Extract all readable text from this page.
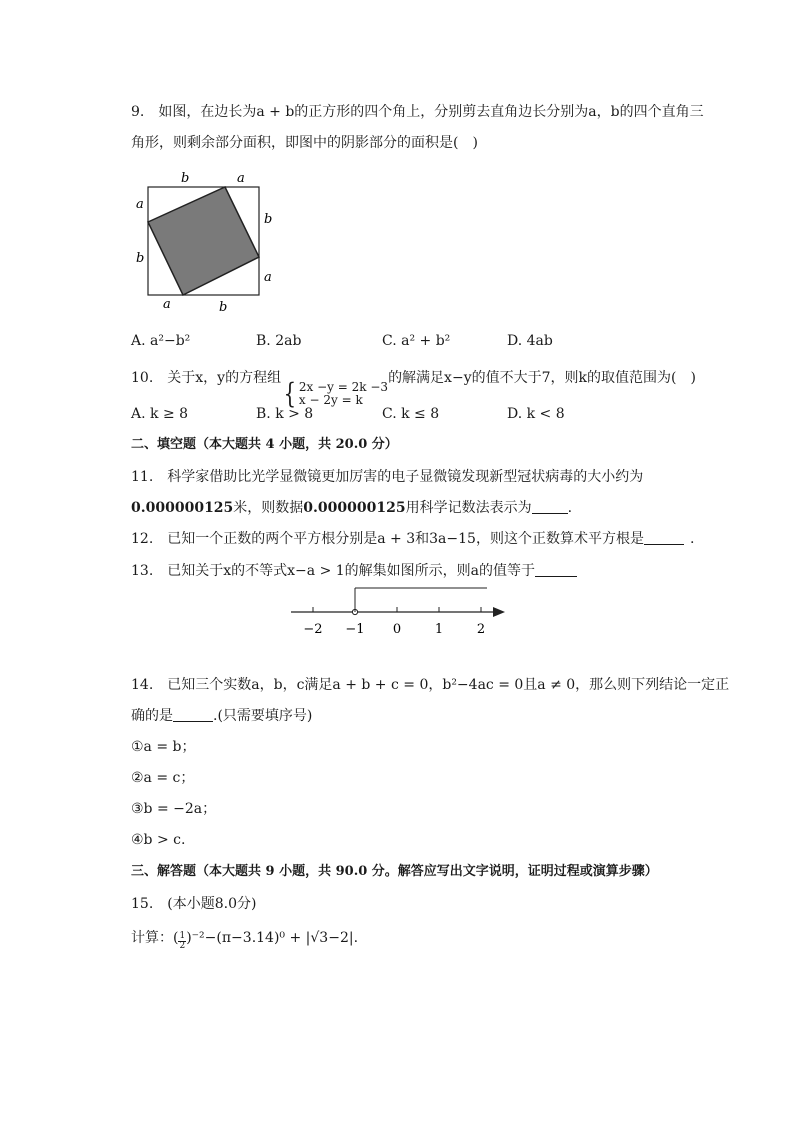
9.　如图，在边长为a + b的正方形的四个角上，分别剪去直角边长分别为a，b的四个直角三
角形，则剩余部分面积，即图中的阴影部分的面积是(　)
b	a
a
b
b
a
a	b
A. a²−b²	B. 2ab	C. a² + b²	D. 4ab
10.　关于x，y的方程组{ 2x −y = 2k −3
x − 2y = k
的解满足x−y的值不大于7，则k的取值范围为(　)
A. k ≥ 8	B. k > 8	C. k ≤ 8	D. k < 8
二、填空题（本大题共 4 小题，共 20.0 分）
11.　科学家借助比光学显微镜更加厉害的电子显微镜发现新型冠状病毒的大小约为
0.000000125米，则数据0.000000125用科学记数法表示为	.
12.　已知一个正数的两个平方根分别是a + 3和3a−15，则这个正数算术平方根是	.
13.　已知关于x的不等式x−a > 1的解集如图所示，则a的值等于
−2 −1 0	1	2
14.　已知三个实数a，b，c满足a + b + c = 0，b²−4ac = 0且a ≠ 0，那么则下列结论一定正
确的是	.(只需要填序号)
①a = b；
②a = c；
③b = −2a；
④b > c.
三、解答题（本大题共 9 小题，共 90.0 分。解答应写出文字说明，证明过程或演算步骤）
15.　(本小题8.0分)
计算：( $\frac{1}{2})^{-2}-(\pi-3.14)^0 + |√3-2|$.
